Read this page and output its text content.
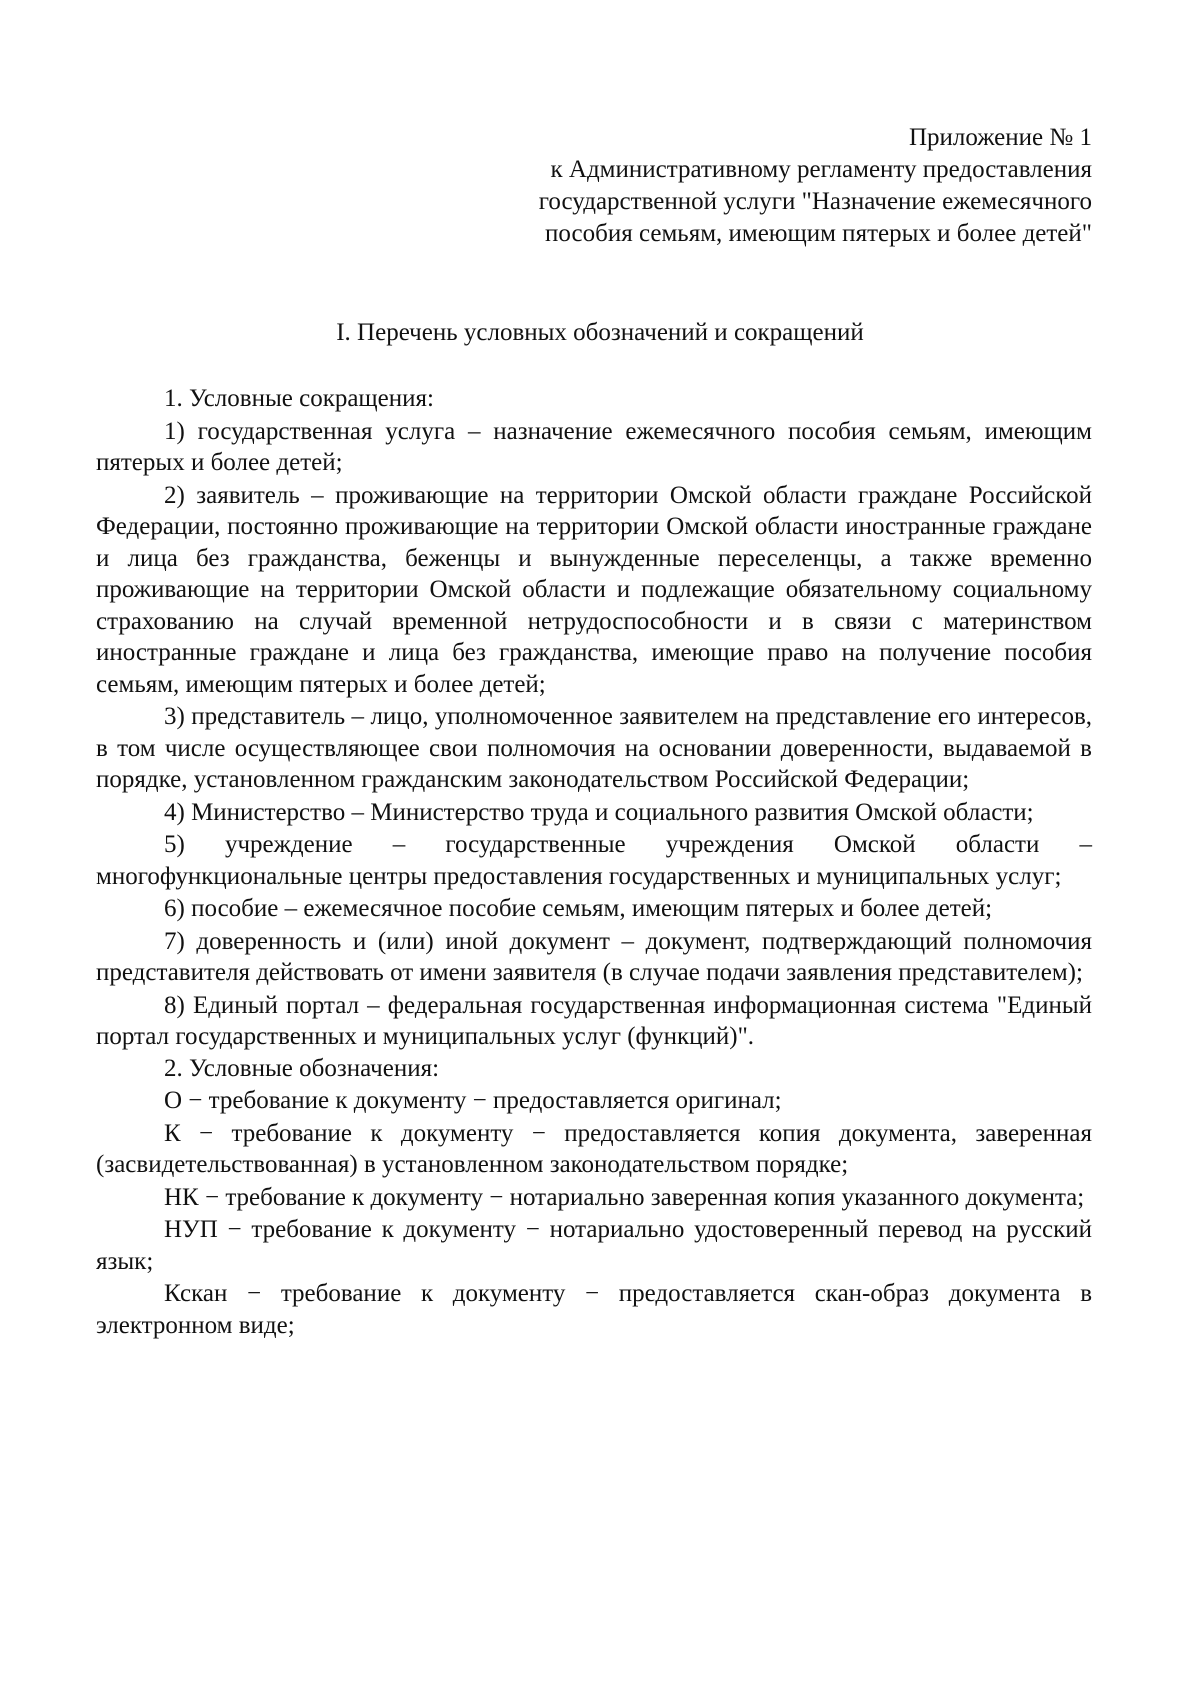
Приложение № 1
к Административному регламенту предоставления
государственной услуги "Назначение ежемесячного
пособия семьям, имеющим пятерых и более детей"
I. Перечень условных обозначений и сокращений

1. Условные сокращения:

1) государственная услуга – назначение ежемесячного пособия семьям, имеющим пятерых и более детей;

2) заявитель – проживающие на территории Омской области граждане Российской Федерации, постоянно проживающие на территории Омской области иностранные граждане и лица без гражданства, беженцы и вынужденные переселенцы, а также временно проживающие на территории Омской области и подлежащие обязательному социальному страхованию на случай временной нетрудоспособности и в связи с материнством иностранные граждане и лица без гражданства, имеющие право на получение пособия семьям, имеющим пятерых и более детей;

3) представитель – лицо, уполномоченное заявителем на представление его интересов, в том числе осуществляющее свои полномочия на основании доверенности, выдаваемой в порядке, установленном гражданским законодательством Российской Федерации;

4) Министерство – Министерство труда и социального развития Омской области;

5) учреждение – государственные учреждения Омской области – многофункциональные центры предоставления государственных и муниципальных услуг;

6) пособие – ежемесячное пособие семьям, имеющим пятерых и более детей;

7) доверенность и (или) иной документ – документ, подтверждающий полномочия представителя действовать от имени заявителя (в случае подачи заявления представителем);

8) Единый портал – федеральная государственная информационная система "Единый портал государственных и муниципальных услуг (функций)".

2. Условные обозначения:

О − требование к документу − предоставляется оригинал;

К − требование к документу − предоставляется копия документа, заверенная (засвидетельствованная) в установленном законодательством порядке;

НК − требование к документу − нотариально заверенная копия указанного документа;

НУП − требование к документу − нотариально удостоверенный перевод на русский язык;

Кскан − требование к документу − предоставляется скан-образ документа в электронном виде;
